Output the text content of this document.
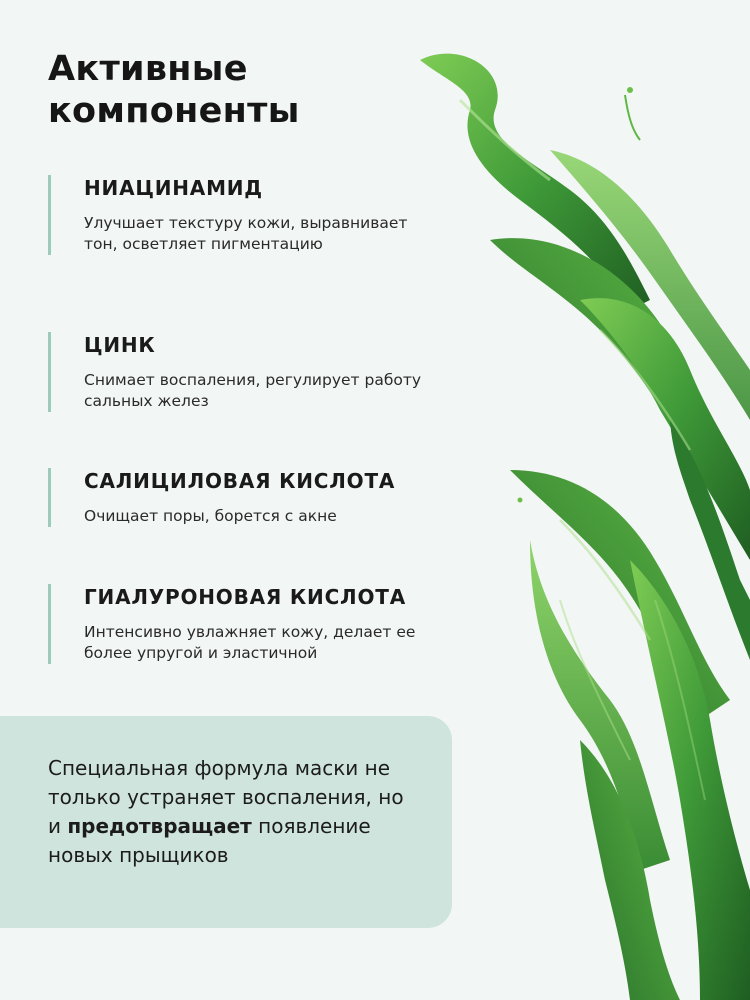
Активные
компоненты
НИАЦИНАМИД
Улучшает текстуру кожи, выравнивает тон, осветляет пигментацию
ЦИНК
Снимает воспаления, регулирует работу сальных желез
САЛИЦИЛОВАЯ КИСЛОТА
Очищает поры, борется с акне
ГИАЛУРОНОВАЯ КИСЛОТА
Интенсивно увлажняет кожу, делает ее более упругой и эластичной

Специальная формула маски не только устраняет воспаления, но и предотвращает появление новых прыщиков
